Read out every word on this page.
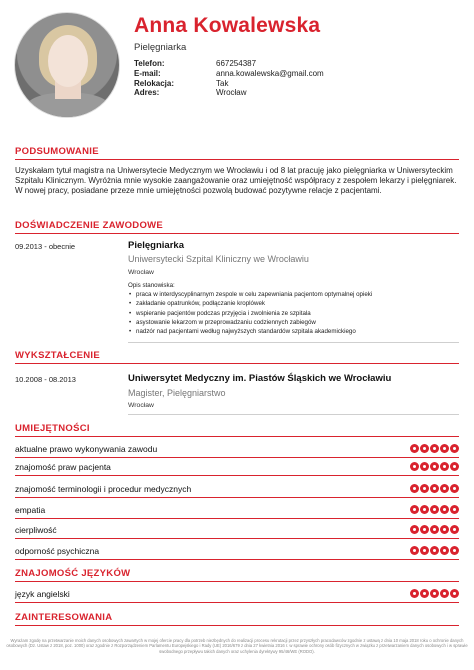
Anna Kowalewska
Pielęgniarka
Telefon:	667254387
E-mail:	anna.kowalewska@gmail.com
Relokacja:	Tak
Adres:	Wrocław
PODSUMOWANIE
Uzyskałam tytuł magistra na Uniwersytecie Medycznym we Wrocławiu i od 8 lat pracuję jako pielęgniarka w Uniwersyteckim Szpitalu Klinicznym. Wyróżnia mnie wysokie zaangażowanie oraz umiejętność współpracy z zespołem lekarzy i pielęgniarek. W nowej pracy, posiadane przeze mnie umiejętności pozwolą budować pozytywne relacje z pacjentami.
DOŚWIADCZENIE ZAWODOWE
09.2013 - obecnie	Pielęgniarka
Uniwersytecki Szpital Kliniczny we Wrocławiu
Wrocław
Opis stanowiska:
• praca w interdyscyplinarnym zespole w celu zapewniania pacjentom optymalnej opieki
• zakładanie opatrunków, podłączanie kroplówek
• wspieranie pacjentów podczas przyjęcia i zwolnienia ze szpitala
• asystowanie lekarzom w przeprowadzaniu codziennych zabiegów
• nadzór nad pacjentami według najwyższych standardów szpitala akademickiego
WYKSZTAŁCENIE
10.2008 - 08.2013	Uniwersytet Medyczny im. Piastów Śląskich we Wrocławiu
Magister, Pielęgniarstwo
Wrocław
UMIEJĘTNOŚCI
aktualne prawo wykonywania zawodu
znajomość praw pacjenta
znajomość terminologii i procedur medycznych
empatia
cierpliwość
odporność psychiczna
ZNAJOMOŚĆ JĘZYKÓW
język angielski
ZAINTERESOWANIA
Wyrażam zgodę na przetwarzanie moich danych osobowych zawartych w mojej ofercie pracy dla potrzeb niezbędnych do realizacji procesu rekrutacji przez przyszłych pracodawców zgodnie z ustawą z dnia 10 maja 2018 roku o ochronie danych osobowych (Dz. Ustaw z 2018, poz. 1000) oraz zgodnie z Rozporządzeniem Parlamentu Europejskiego i Rady (UE) 2016/679 z dnia 27 kwietnia 2016 r. w sprawie ochrony osób fizycznych w związku z przetwarzaniem danych osobowych i w sprawie swobodnego przepływu takich danych oraz uchylenia dyrektywy 95/46/WE (RODO).
